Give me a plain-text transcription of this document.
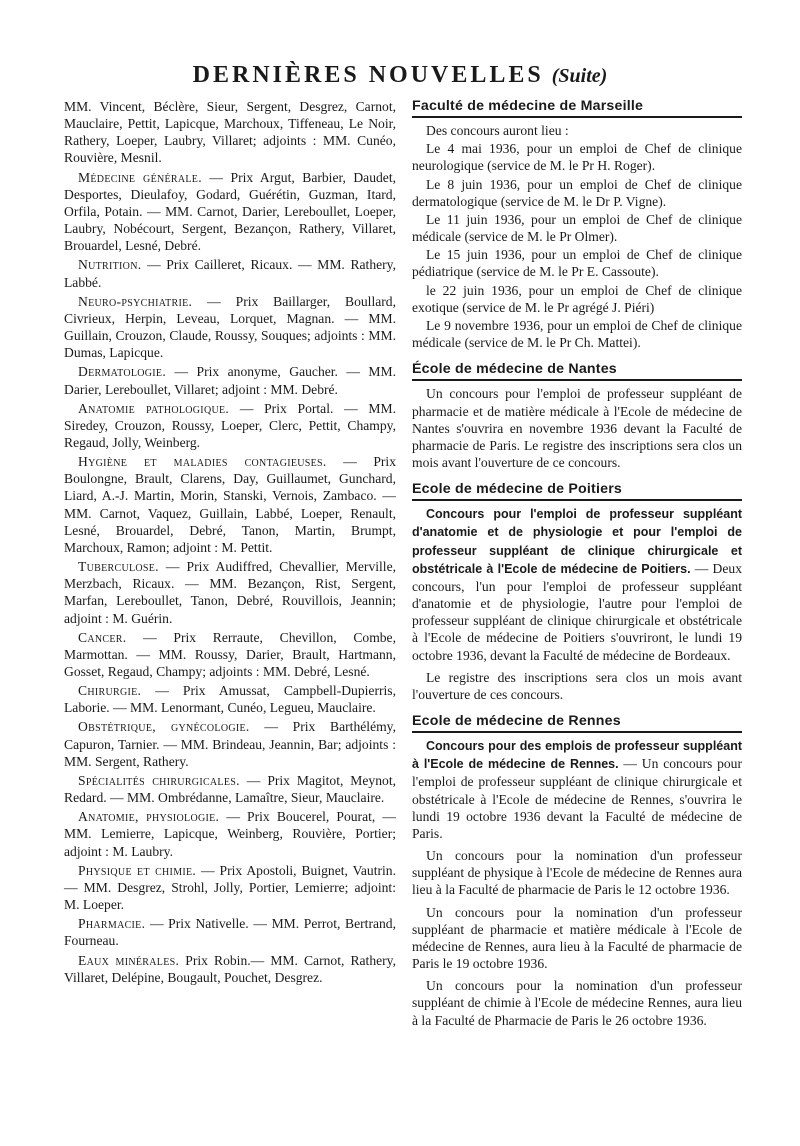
DERNIÈRES NOUVELLES (Suite)

MM. Vincent, Béclère, Sieur, Sergent, Desgrez, Carnot, Mauclaire, Pettit, Lapicque, Marchoux, Tiffeneau, Le Noir, Rathery, Loeper, Laubry, Villaret; adjoints : MM. Cunéo, Rouvière, Mesnil.

Médecine générale. — Prix Argut, Barbier, Daudet, Desportes, Dieulafoy, Godard, Guérétin, Guzman, Itard, Orfila, Potain. — MM. Carnot, Darier, Lereboullet, Loeper, Laubry, Nobécourt, Sergent, Bezançon, Rathery, Villaret, Brouardel, Lesné, Debré.

Nutrition. — Prix Cailleret, Ricaux. — MM. Rathery, Labbé.

Neuro-psychiatrie. — Prix Baillarger, Boullard, Civrieux, Herpin, Leveau, Lorquet, Magnan. — MM. Guillain, Crouzon, Claude, Roussy, Souques; adjoints : MM. Dumas, Lapicque.

Dermatologie. — Prix anonyme, Gaucher. — MM. Darier, Lereboullet, Villaret; adjoint : MM. Debré.

Anatomie pathologique. — Prix Portal. — MM. Siredey, Crouzon, Roussy, Loeper, Clerc, Pettit, Champy, Regaud, Jolly, Weinberg.

Hygiène et maladies contagieuses. — Prix Boulongne, Brault, Clarens, Day, Guillaumet, Gunchard, Liard, A.-J. Martin, Morin, Stanski, Vernois, Zambaco. — MM. Carnot, Vaquez, Guillain, Labbé, Loeper, Renault, Lesné, Brouardel, Debré, Tanon, Martin, Brumpt, Marchoux, Ramon; adjoint : M. Pettit.

Tuberculose. — Prix Audiffred, Chevallier, Merville, Merzbach, Ricaux. — MM. Bezançon, Rist, Sergent, Marfan, Lereboullet, Tanon, Debré, Rouvillois, Jeannin; adjoint : M. Guérin.

Cancer. — Prix Rerraute, Chevillon, Combe, Marmottan. — MM. Roussy, Darier, Brault, Hartmann, Gosset, Regaud, Champy; adjoints : MM. Debré, Lesné.

Chirurgie. — Prix Amussat, Campbell-Dupierris, Laborie. — MM. Lenormant, Cunéo, Legueu, Mauclaire.

Obstétrique, gynécologie. — Prix Barthélémy, Capuron, Tarnier. — MM. Brindeau, Jeannin, Bar; adjoints : MM. Sergent, Rathery.

Spécialités chirurgicales. — Prix Magitot, Meynot, Redard. — MM. Ombrédanne, Lamaître, Sieur, Mauclaire.

Anatomie, physiologie. — Prix Boucerel, Pourat, — MM. Lemierre, Lapicque, Weinberg, Rouvière, Portier; adjoint : M. Laubry.

Physique et chimie. — Prix Apostoli, Buignet, Vautrin. — MM. Desgrez, Strohl, Jolly, Portier, Lemierre; adjoint: M. Loeper.

Pharmacie. — Prix Nativelle. — MM. Perrot, Bertrand, Fourneau.

Eaux minérales. Prix Robin.— MM. Carnot, Rathery, Villaret, Delépine, Bougault, Pouchet, Desgrez.

Faculté de médecine de Marseille

Des concours auront lieu :

Le 4 mai 1936, pour un emploi de Chef de clinique neurologique (service de M. le Pr H. Roger).

Le 8 juin 1936, pour un emploi de Chef de clinique dermatologique (service de M. le Dr P. Vigne).

Le 11 juin 1936, pour un emploi de Chef de clinique médicale (service de M. le Pr Olmer).

Le 15 juin 1936, pour un emploi de Chef de clinique pédiatrique (service de M. le Pr E. Cassoute).

le 22 juin 1936, pour un emploi de Chef de clinique exotique (service de M. le Pr agrégé J. Piéri)

Le 9 novembre 1936, pour un emploi de Chef de clinique médicale (service de M. le Pr Ch. Mattei).

École de médecine de Nantes

Un concours pour l'emploi de professeur suppléant de pharmacie et de matière médicale à l'Ecole de médecine de Nantes s'ouvrira en novembre 1936 devant la Faculté de pharmacie de Paris. Le registre des inscriptions sera clos un mois avant l'ouverture de ce concours.

Ecole de médecine de Poitiers

Concours pour l'emploi de professeur suppléant d'anatomie et de physiologie et pour l'emploi de professeur suppléant de clinique chirurgicale et obstétricale à l'Ecole de médecine de Poitiers. — Deux concours, l'un pour l'emploi de professeur suppléant d'anatomie et de physiologie, l'autre pour l'emploi de professeur suppléant de clinique chirurgicale et obstétricale à l'Ecole de médecine de Poitiers s'ouvriront, le lundi 19 octobre 1936, devant la Faculté de médecine de Bordeaux.

Le registre des inscriptions sera clos un mois avant l'ouverture de ces concours.

Ecole de médecine de Rennes

Concours pour des emplois de professeur suppléant à l'Ecole de médecine de Rennes. — Un concours pour l'emploi de professeur suppléant de clinique chirurgicale et obstétricale à l'Ecole de médecine de Rennes, s'ouvrira le lundi 19 octobre 1936 devant la Faculté de médecine de Paris.

Un concours pour la nomination d'un professeur suppléant de physique à l'Ecole de médecine de Rennes aura lieu à la Faculté de pharmacie de Paris le 12 octobre 1936.

Un concours pour la nomination d'un professeur suppléant de pharmacie et matière médicale à l'Ecole de médecine de Rennes, aura lieu à la Faculté de pharmacie de Paris le 19 octobre 1936.

Un concours pour la nomination d'un professeur suppléant de chimie à l'Ecole de médecine Rennes, aura lieu à la Faculté de Pharmacie de Paris le 26 octobre 1936.
